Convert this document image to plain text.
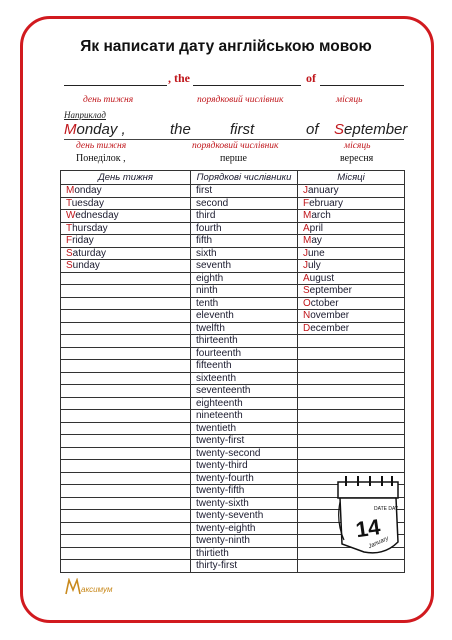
Як написати дату англійською мовою
, the	of
день тижня	порядковий числівник	місяць
Наприклад
Monday ,	the	first	of September
день тижня	порядковий числівник	місяць
Понеділок ,	перше	вересня
День тижня	Порядкові числівники	Місяці
Monday	first	January
Tuesday	second	February
Wednesday	third	March
Thursday	fourth	April
Friday	fifth	May
Saturday	sixth	June
Sunday	seventh	July
	eighth	August
	ninth	September
	tenth	October
	eleventh	November
	twelfth	December
	thirteenth	
	fourteenth	
	fifteenth	
	sixteenth	
	seventeenth	
	eighteenth	
	nineteenth	
	twentieth	
	twenty-first	
	twenty-second	
	twenty-third	
	twenty-fourth	
	twenty-fifth	
	twenty-sixth	
	twenty-seventh	
	twenty-eighth	
	twenty-ninth	
	thirtieth	
	thirty-first	
aксимум
DATE DAY
14
January
